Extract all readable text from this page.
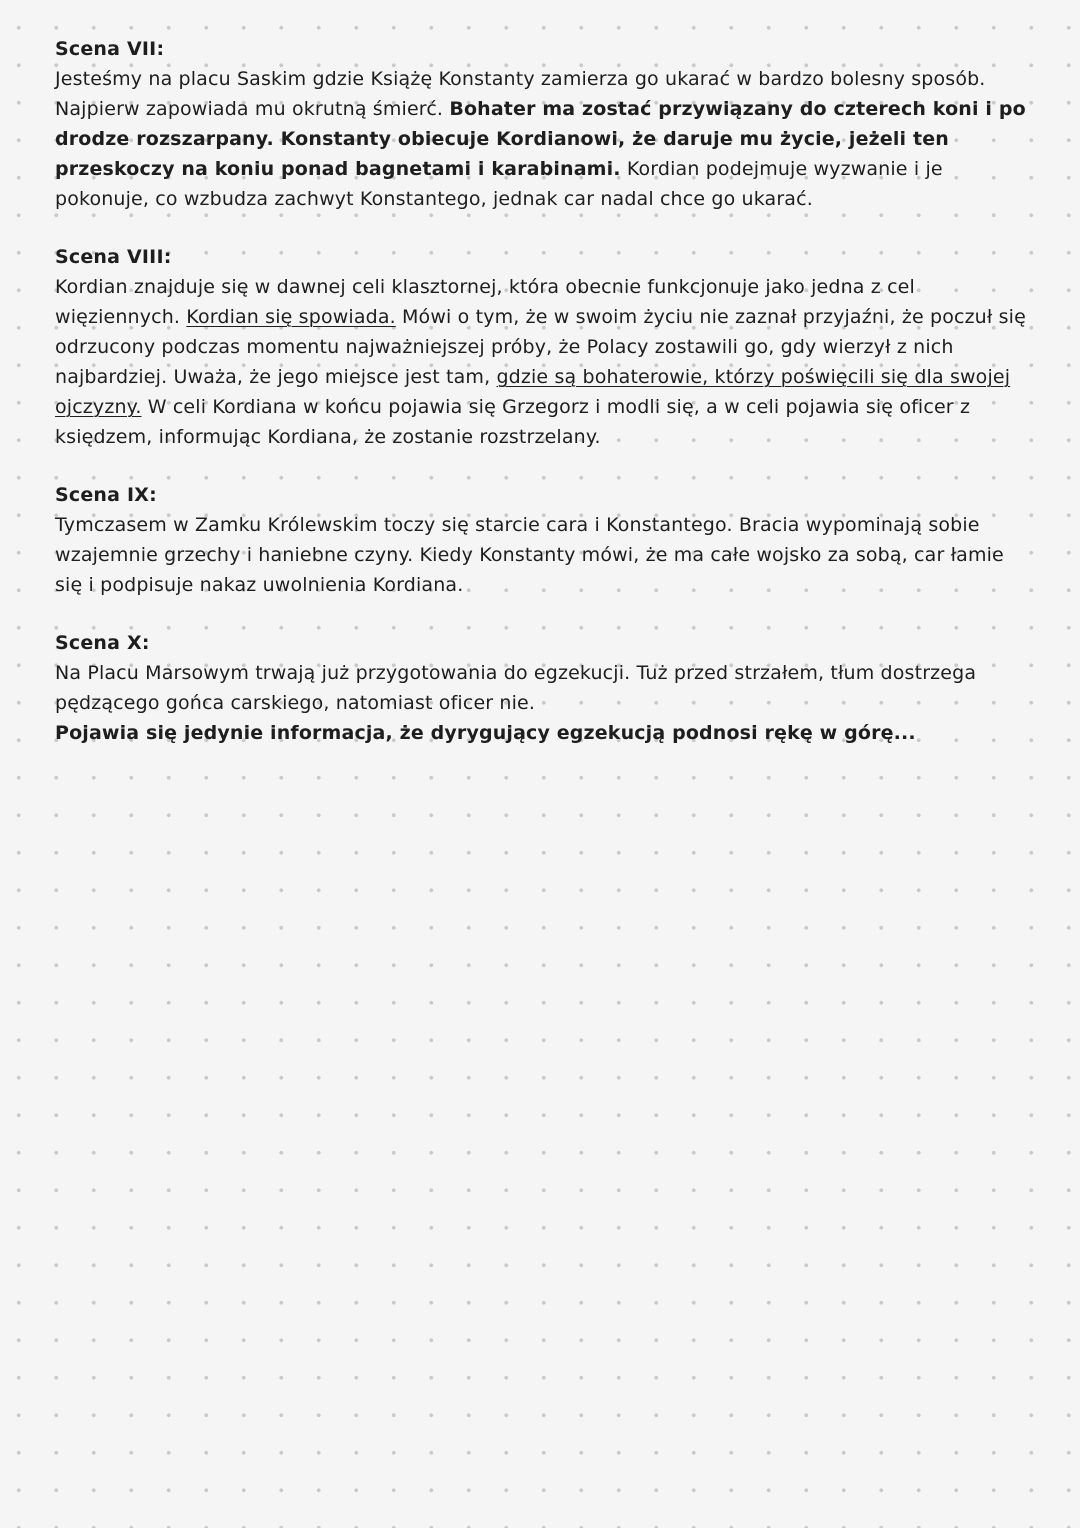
Scena VII:
Jesteśmy na placu Saskim gdzie Książę Konstanty zamierza go ukarać w bardzo bolesny sposób. Najpierw zapowiada mu okrutną śmierć. Bohater ma zostać przywiązany do czterech koni i po drodze rozszarpany. Konstanty obiecuje Kordianowi, że daruje mu życie, jeżeli ten przeskoczy na koniu ponad bagnetami i karabinami. Kordian podejmuje wyzwanie i je pokonuje, co wzbudza zachwyt Konstantego, jednak car nadal chce go ukarać.
Scena VIII:
Kordian znajduje się w dawnej celi klasztornej, która obecnie funkcjonuje jako jedna z cel więziennych. Kordian się spowiada. Mówi o tym, że w swoim życiu nie zaznał przyjaźni, że poczuł się odrzucony podczas momentu najważniejszej próby, że Polacy zostawili go, gdy wierzył z nich najbardziej. Uważa, że jego miejsce jest tam, gdzie są bohaterowie, którzy poświęcili się dla swojej ojczyzny. W celi Kordiana w końcu pojawia się Grzegorz i modli się, a w celi pojawia się oficer z księdzem, informując Kordiana, że zostanie rozstrzelany.
Scena IX:
Tymczasem w Zamku Królewskim toczy się starcie cara i Konstantego. Bracia wypominają sobie wzajemnie grzechy i haniebne czyny. Kiedy Konstanty mówi, że ma całe wojsko za sobą, car łamie się i podpisuje nakaz uwolnienia Kordiana.
Scena X:
Na Placu Marsowym trwają już przygotowania do egzekucji. Tuż przed strzałem, tłum dostrzega pędzącego gońca carskiego, natomiast oficer nie.
Pojawia się jedynie informacja, że dyrygujący egzekucją podnosi rękę w górę...
